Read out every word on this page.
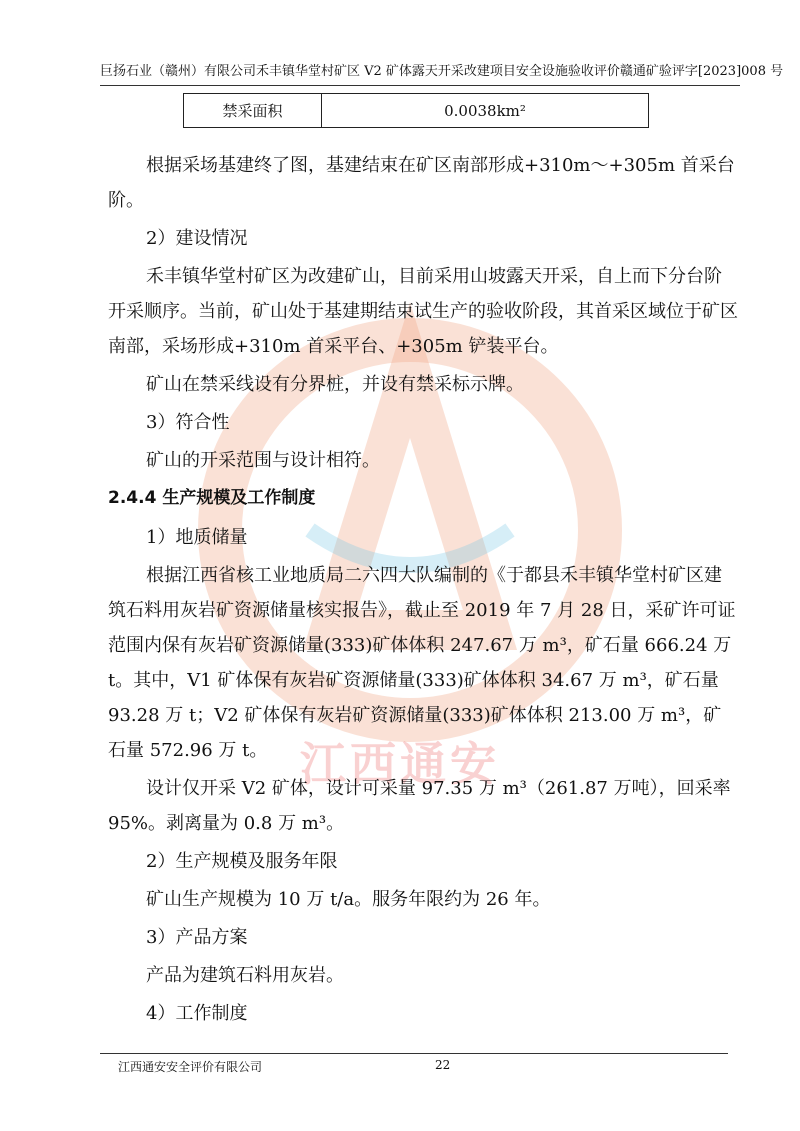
巨扬石业（赣州）有限公司禾丰镇华堂村矿区 V2 矿体露天开采改建项目安全设施验收评价赣通矿验评字[2023]008 号
禁采面积	0.0038km²
江西通安

根据采场基建终了图，基建结束在矿区南部形成+310m～+305m 首采台阶。

2）建设情况

禾丰镇华堂村矿区为改建矿山，目前采用山坡露天开采，自上而下分台阶开采顺序。当前，矿山处于基建期结束试生产的验收阶段，其首采区域位于矿区南部，采场形成+310m 首采平台、+305m 铲装平台。

矿山在禁采线设有分界桩，并设有禁采标示牌。

3）符合性

矿山的开采范围与设计相符。

2.4.4 生产规模及工作制度

1）地质储量

根据江西省核工业地质局二六四大队编制的《于都县禾丰镇华堂村矿区建筑石料用灰岩矿资源储量核实报告》，截止至 2019 年 7 月 28 日，采矿许可证范围内保有灰岩矿资源储量(333)矿体体积 247.67 万 m³，矿石量 666.24 万 t。其中，V1 矿体保有灰岩矿资源储量(333)矿体体积 34.67 万 m³，矿石量 93.28 万 t；V2 矿体保有灰岩矿资源储量(333)矿体体积 213.00 万 m³，矿石量 572.96 万 t。

设计仅开采 V2 矿体，设计可采量 97.35 万 m³（261.87 万吨），回采率 95%。剥离量为 0.8 万 m³。

2）生产规模及服务年限

矿山生产规模为 10 万 t/a。服务年限约为 26 年。

3）产品方案

产品为建筑石料用灰岩。

4）工作制度

江西通安安全评价有限公司	22
